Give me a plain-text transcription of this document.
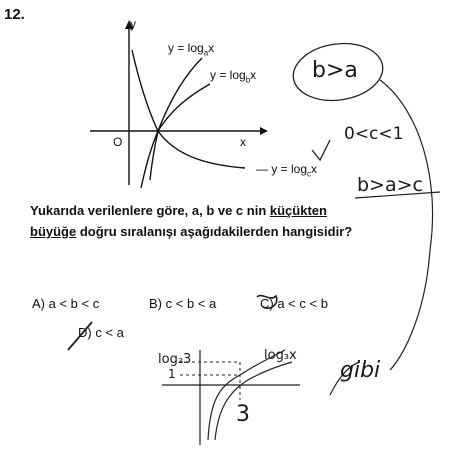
12.
y
x
O
$y = \log_ax$
$y = \log_bx$
— $y = \log_cx$
Yukarıda verilenlere göre, a, b ve c nin küçükten
büyüğe doğru sıralanışı aşağıdakilerden hangisidir?
A) a < b < c	B) c < b < a	C) a < c < b
D) c < a
b>a
0<c<1
b>a>c
gibi
log₂3
1
log₃x
3
